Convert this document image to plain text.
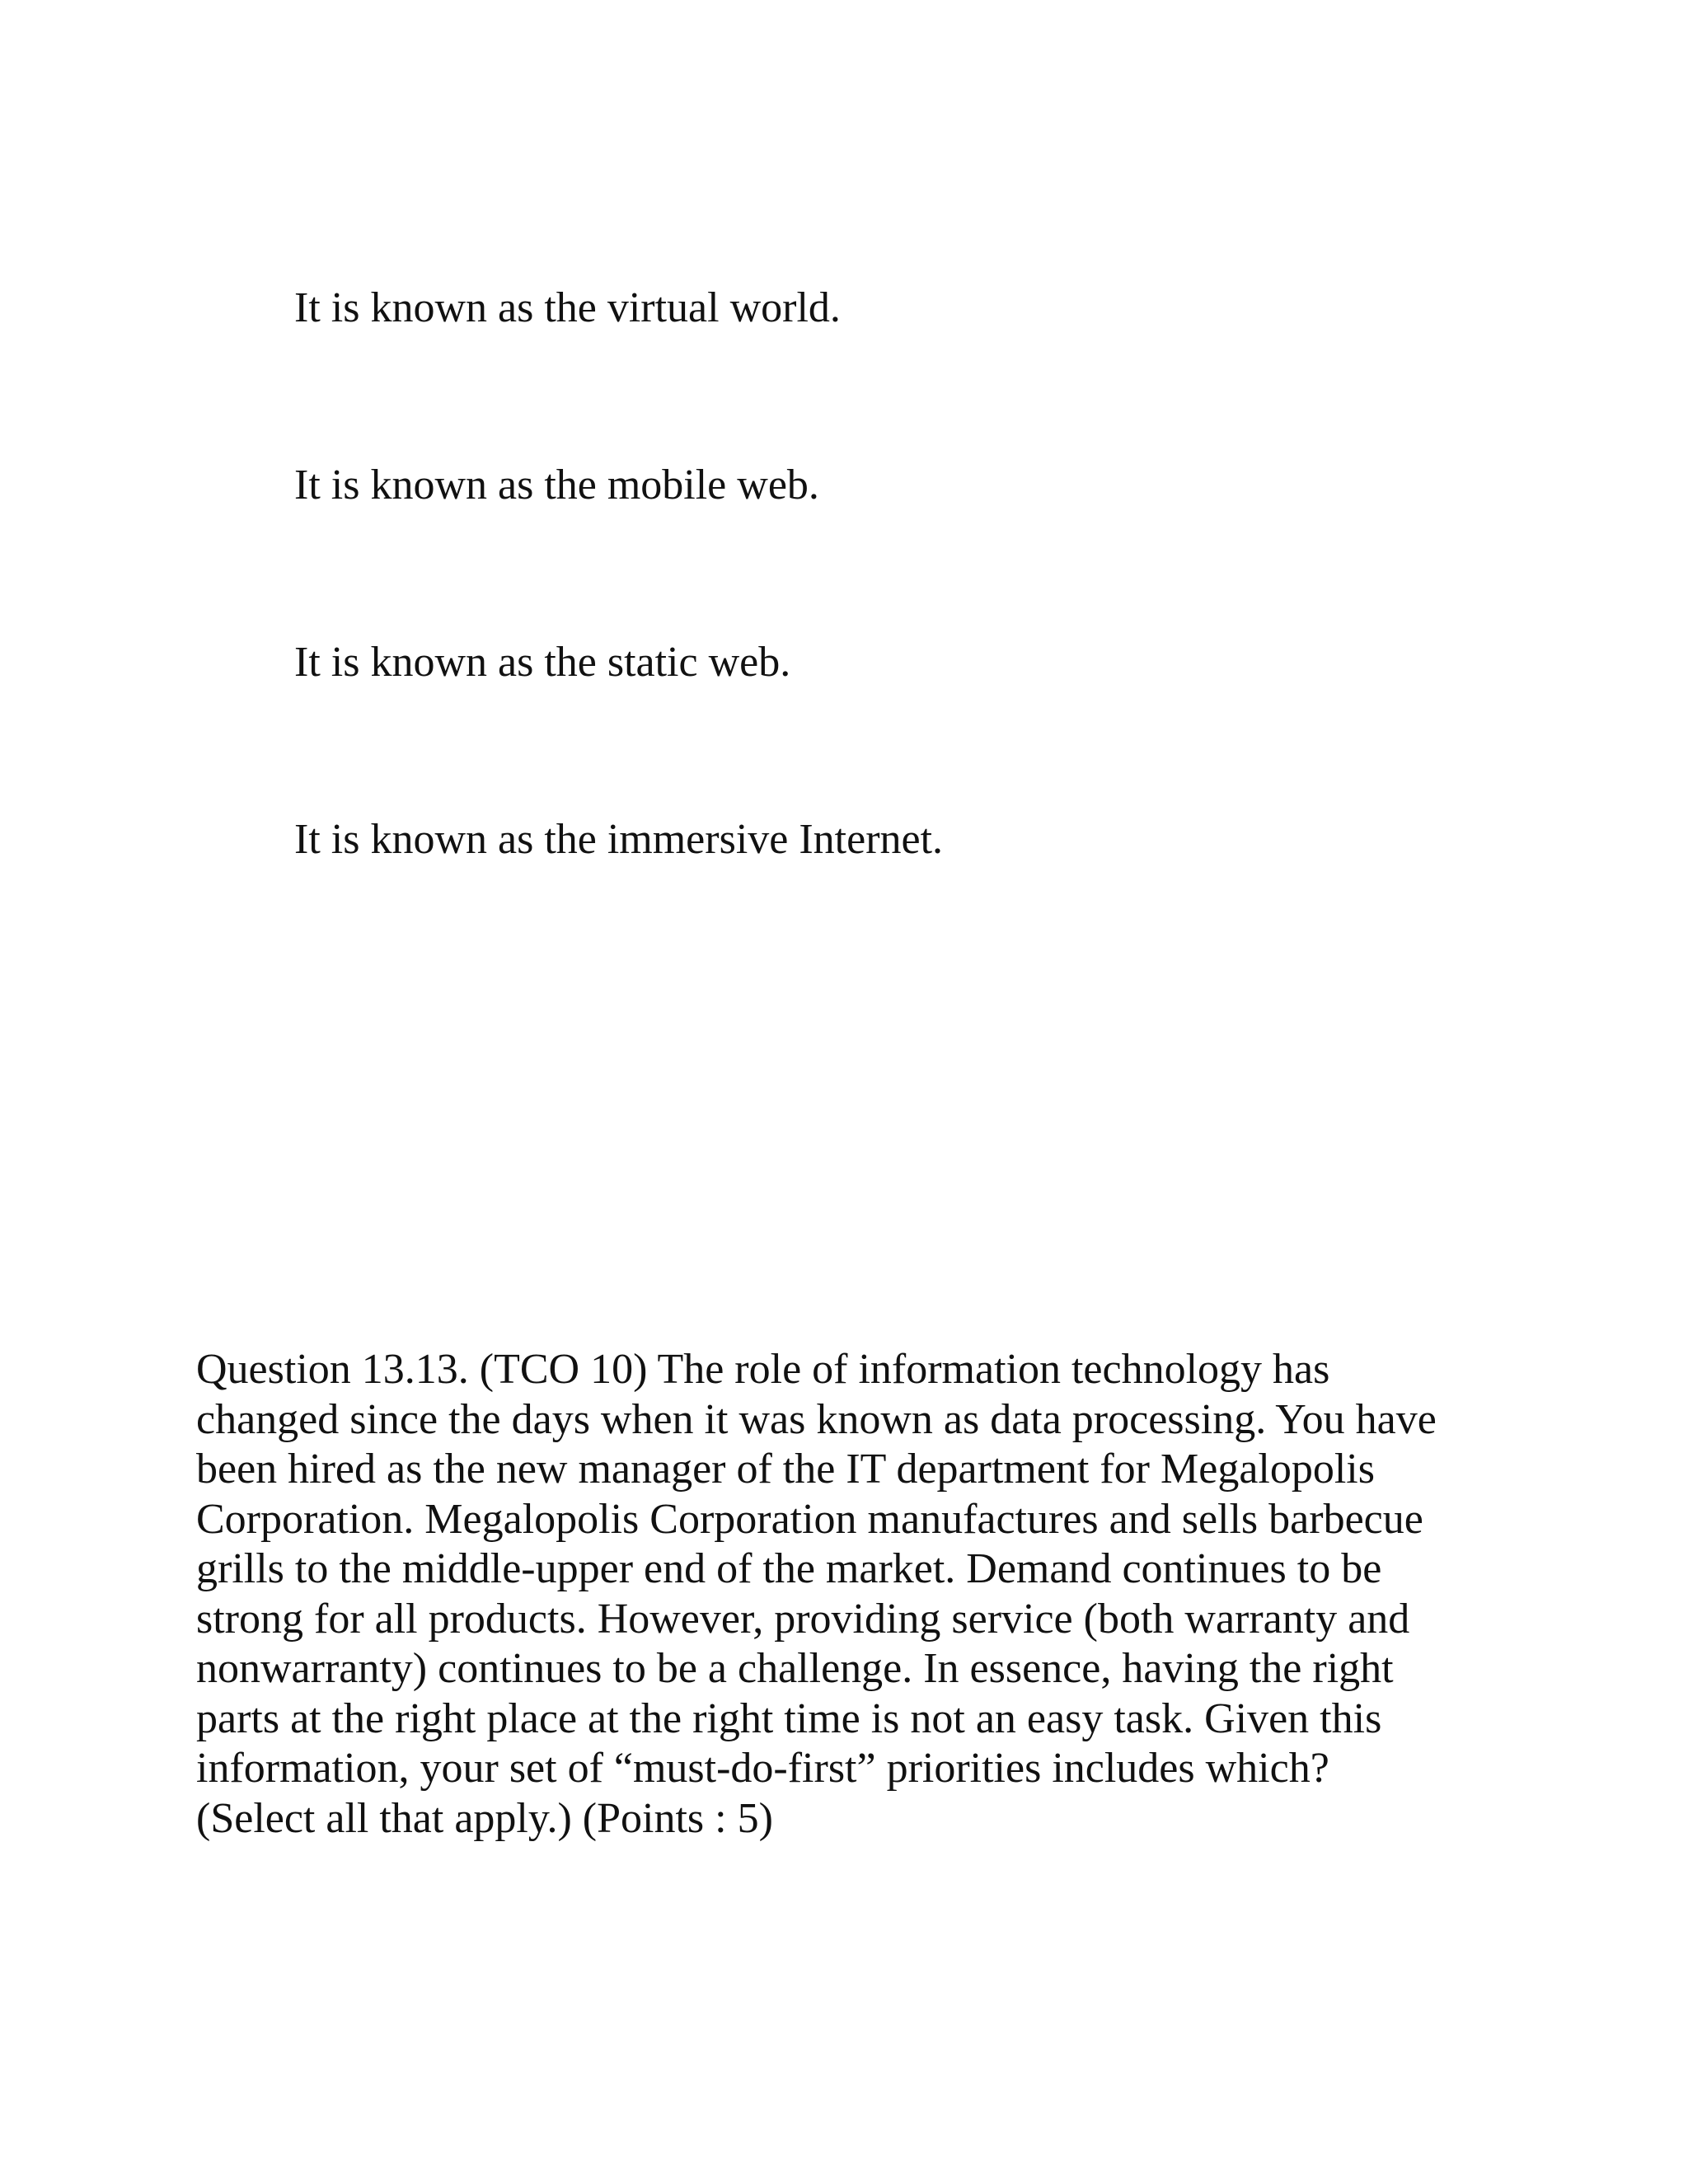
It is known as the virtual world.

It is known as the mobile web.

It is known as the static web.

It is known as the immersive Internet.

Question 13.13. (TCO 10) The role of information technology has
changed since the days when it was known as data processing. You have
been hired as the new manager of the IT department for Megalopolis
Corporation. Megalopolis Corporation manufactures and sells barbecue
grills to the middle-upper end of the market. Demand continues to be
strong for all products. However, providing service (both warranty and
nonwarranty) continues to be a challenge. In essence, having the right
parts at the right place at the right time is not an easy task. Given this
information, your set of “must-do-first” priorities includes which?
(Select all that apply.) (Points : 5)
